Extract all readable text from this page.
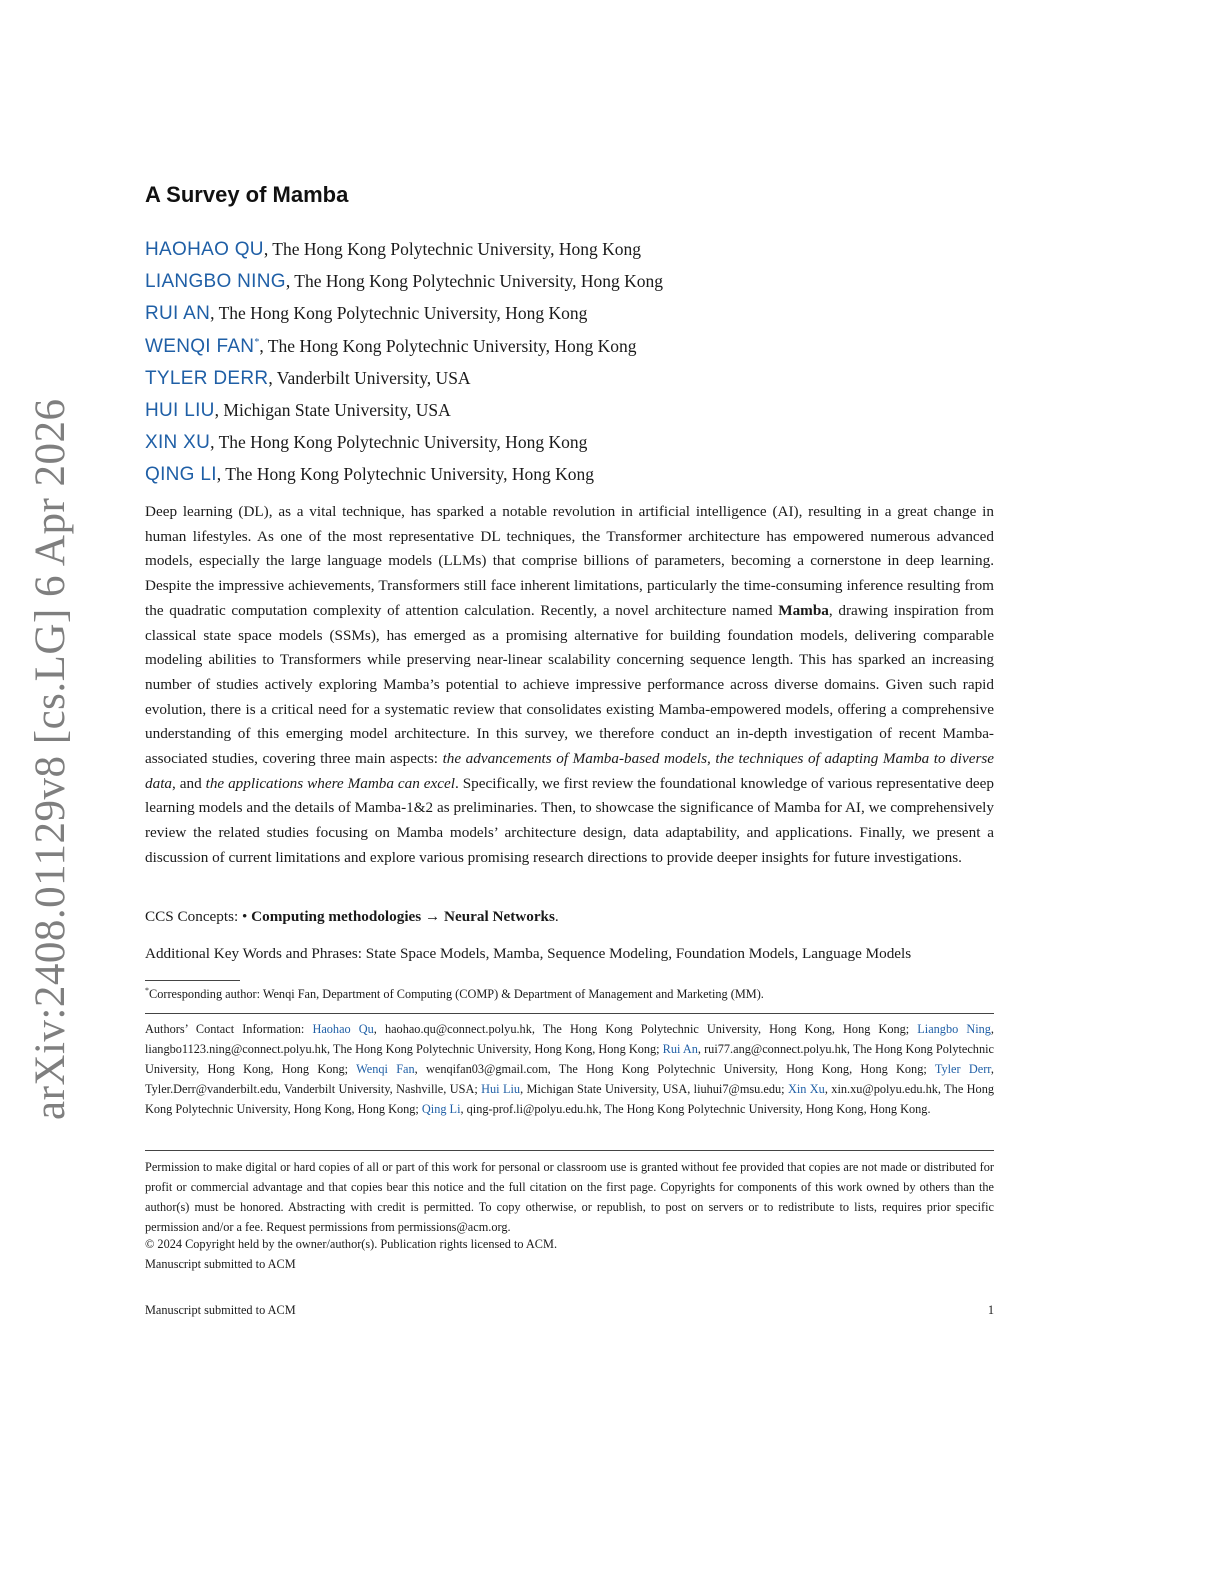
arXiv:2408.01129v8 [cs.LG] 6 Apr 2026
A Survey of Mamba
HAOHAO QU, The Hong Kong Polytechnic University, Hong Kong
LIANGBO NING, The Hong Kong Polytechnic University, Hong Kong
RUI AN, The Hong Kong Polytechnic University, Hong Kong
WENQI FAN*, The Hong Kong Polytechnic University, Hong Kong
TYLER DERR, Vanderbilt University, USA
HUI LIU, Michigan State University, USA
XIN XU, The Hong Kong Polytechnic University, Hong Kong
QING LI, The Hong Kong Polytechnic University, Hong Kong

Deep learning (DL), as a vital technique, has sparked a notable revolution in artificial intelligence (AI), resulting in a great change in human lifestyles. As one of the most representative DL techniques, the Transformer architecture has empowered numerous advanced models, especially the large language models (LLMs) that comprise billions of parameters, becoming a cornerstone in deep learning. Despite the impressive achievements, Transformers still face inherent limitations, particularly the time-consuming inference resulting from the quadratic computation complexity of attention calculation. Recently, a novel architecture named Mamba, drawing inspiration from classical state space models (SSMs), has emerged as a promising alternative for building foundation models, delivering comparable modeling abilities to Transformers while preserving near-linear scalability concerning sequence length. This has sparked an increasing number of studies actively exploring Mamba’s potential to achieve impressive performance across diverse domains. Given such rapid evolution, there is a critical need for a systematic review that consolidates existing Mamba-empowered models, offering a comprehensive understanding of this emerging model architecture. In this survey, we therefore conduct an in-depth investigation of recent Mamba-associated studies, covering three main aspects: the advancements of Mamba-based models, the techniques of adapting Mamba to diverse data, and the applications where Mamba can excel. Specifically, we first review the foundational knowledge of various representative deep learning models and the details of Mamba-1&2 as preliminaries. Then, to showcase the significance of Mamba for AI, we comprehensively review the related studies focusing on Mamba models’ architecture design, data adaptability, and applications. Finally, we present a discussion of current limitations and explore various promising research directions to provide deeper insights for future investigations.

CCS Concepts: • Computing methodologies → Neural Networks.
Additional Key Words and Phrases: State Space Models, Mamba, Sequence Modeling, Foundation Models, Language Models
*Corresponding author: Wenqi Fan, Department of Computing (COMP) & Department of Management and Marketing (MM).

Authors’ Contact Information: Haohao Qu, haohao.qu@connect.polyu.hk, The Hong Kong Polytechnic University, Hong Kong, Hong Kong; Liangbo Ning, liangbo1123.ning@connect.polyu.hk, The Hong Kong Polytechnic University, Hong Kong, Hong Kong; Rui An, rui77.ang@connect.polyu.hk, The Hong Kong Polytechnic University, Hong Kong, Hong Kong; Wenqi Fan, wenqifan03@gmail.com, The Hong Kong Polytechnic University, Hong Kong, Hong Kong; Tyler Derr, Tyler.Derr@vanderbilt.edu, Vanderbilt University, Nashville, USA; Hui Liu, Michigan State University, USA, liuhui7@msu.edu; Xin Xu, xin.xu@polyu.edu.hk, The Hong Kong Polytechnic University, Hong Kong, Hong Kong; Qing Li, qing-prof.li@polyu.edu.hk, The Hong Kong Polytechnic University, Hong Kong, Hong Kong.

Permission to make digital or hard copies of all or part of this work for personal or classroom use is granted without fee provided that copies are not made or distributed for profit or commercial advantage and that copies bear this notice and the full citation on the first page. Copyrights for components of this work owned by others than the author(s) must be honored. Abstracting with credit is permitted. To copy otherwise, or republish, to post on servers or to redistribute to lists, requires prior specific permission and/or a fee. Request permissions from permissions@acm.org.

© 2024 Copyright held by the owner/author(s). Publication rights licensed to ACM.
Manuscript submitted to ACM
Manuscript submitted to ACM	1
